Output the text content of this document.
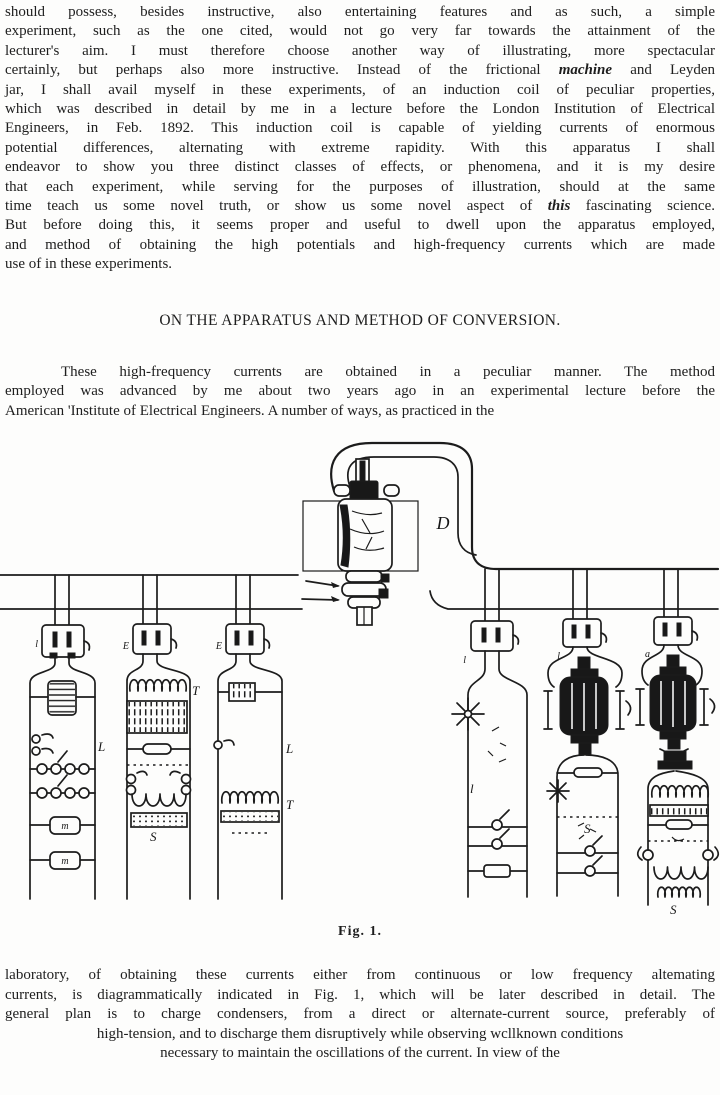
should possess, besides instructive, also entertaining features and as such, a simple
experiment, such as the one cited, would not go very far towards the attainment of the
lecturer's aim. I must therefore choose another way of illustrating, more spectacular
certainly, but perhaps also more instructive. Instead of the frictional machine and Leyden
jar, I shall avail myself in these experiments, of an induction coil of peculiar properties,
which was described in detail by me in a lecture before the London Institution of Electrical
Engineers, in Feb. 1892. This induction coil is capable of yielding currents of enormous
potential differences, alternating with extreme rapidity. With this apparatus I shall
endeavor to show you three distinct classes of effects, or phenomena, and it is my desire
that each experiment, while serving for the purposes of illustration, should at the same
time teach us some novel truth, or show us some novel aspect of this fascinating science.
But before doing this, it seems proper and useful to dwell upon the apparatus employed,
and method of obtaining the high potentials and high-frequency currents which are made
use of in these experiments.
ON THE APPARATUS AND METHOD OF CONVERSION.
These high-frequency currents are obtained in a peculiar manner. The method
employed was advanced by me about two years ago in an experimental lecture before the
American 'Institute of Electrical Engineers. A number of ways, as practiced in the
D
l
L
m
m
E
T
S
E
L
T
l
l
l
S
a
S
Fig. 1.
laboratory, of obtaining these currents either from continuous or low frequency altemating
currents, is diagrammatically indicated in Fig. 1, which will be later described in detail. The
general plan is to charge condensers, from a direct or alternate-current source, preferably of
high-tension, and to discharge them disruptively while observing wcllknown conditions
necessary to maintain the oscillations of the current. In view of the
